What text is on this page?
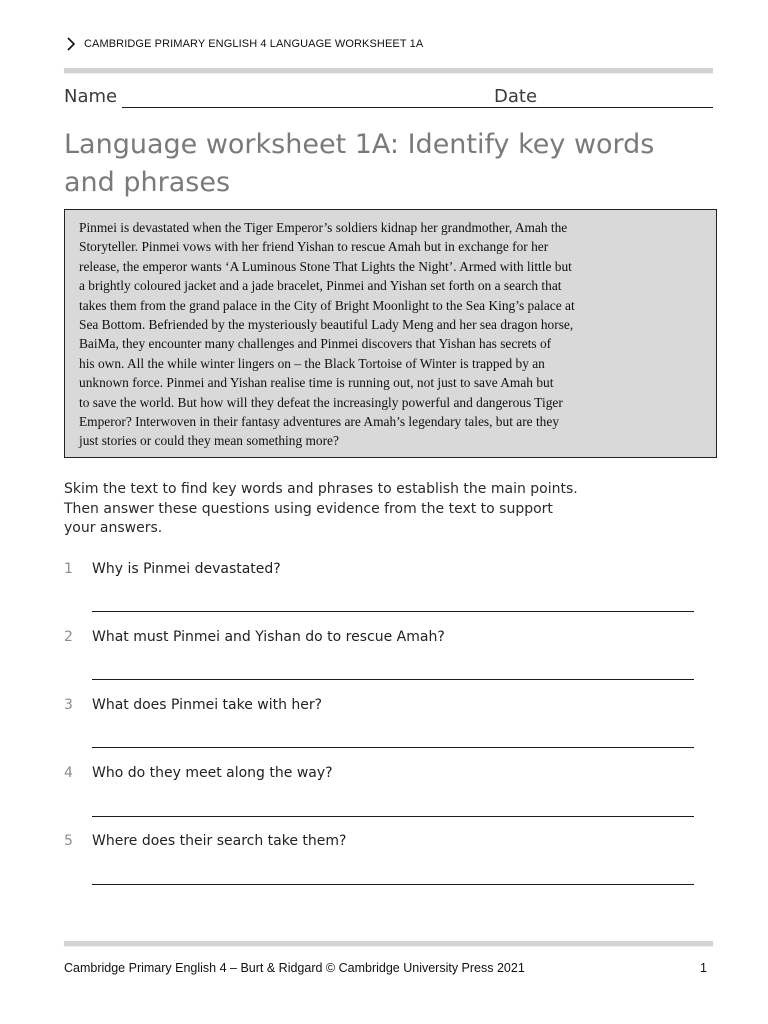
CAMBRIDGE PRIMARY ENGLISH 4 LANGUAGE WORKSHEET 1A
Name	Date
Language worksheet 1A: Identify key words
and phrases
Pinmei is devastated when the Tiger Emperor’s soldiers kidnap her grandmother, Amah the
Storyteller. Pinmei vows with her friend Yishan to rescue Amah but in exchange for her
release, the emperor wants ‘A Luminous Stone That Lights the Night’. Armed with little but
a brightly coloured jacket and a jade bracelet, Pinmei and Yishan set forth on a search that
takes them from the grand palace in the City of Bright Moonlight to the Sea King’s palace at
Sea Bottom. Befriended by the mysteriously beautiful Lady Meng and her sea dragon horse,
BaiMa, they encounter many challenges and Pinmei discovers that Yishan has secrets of
his own. All the while winter lingers on – the Black Tortoise of Winter is trapped by an
unknown force. Pinmei and Yishan realise time is running out, not just to save Amah but
to save the world. But how will they defeat the increasingly powerful and dangerous Tiger
Emperor? Interwoven in their fantasy adventures are Amah’s legendary tales, but are they
just stories or could they mean something more?
Skim the text to find key words and phrases to establish the main points.
Then answer these questions using evidence from the text to support
your answers.
1	Why is Pinmei devastated?
2	What must Pinmei and Yishan do to rescue Amah?
3	What does Pinmei take with her?
4	Who do they meet along the way?
5	Where does their search take them?
Cambridge Primary English 4 – Burt & Ridgard © Cambridge University Press 2021	1
